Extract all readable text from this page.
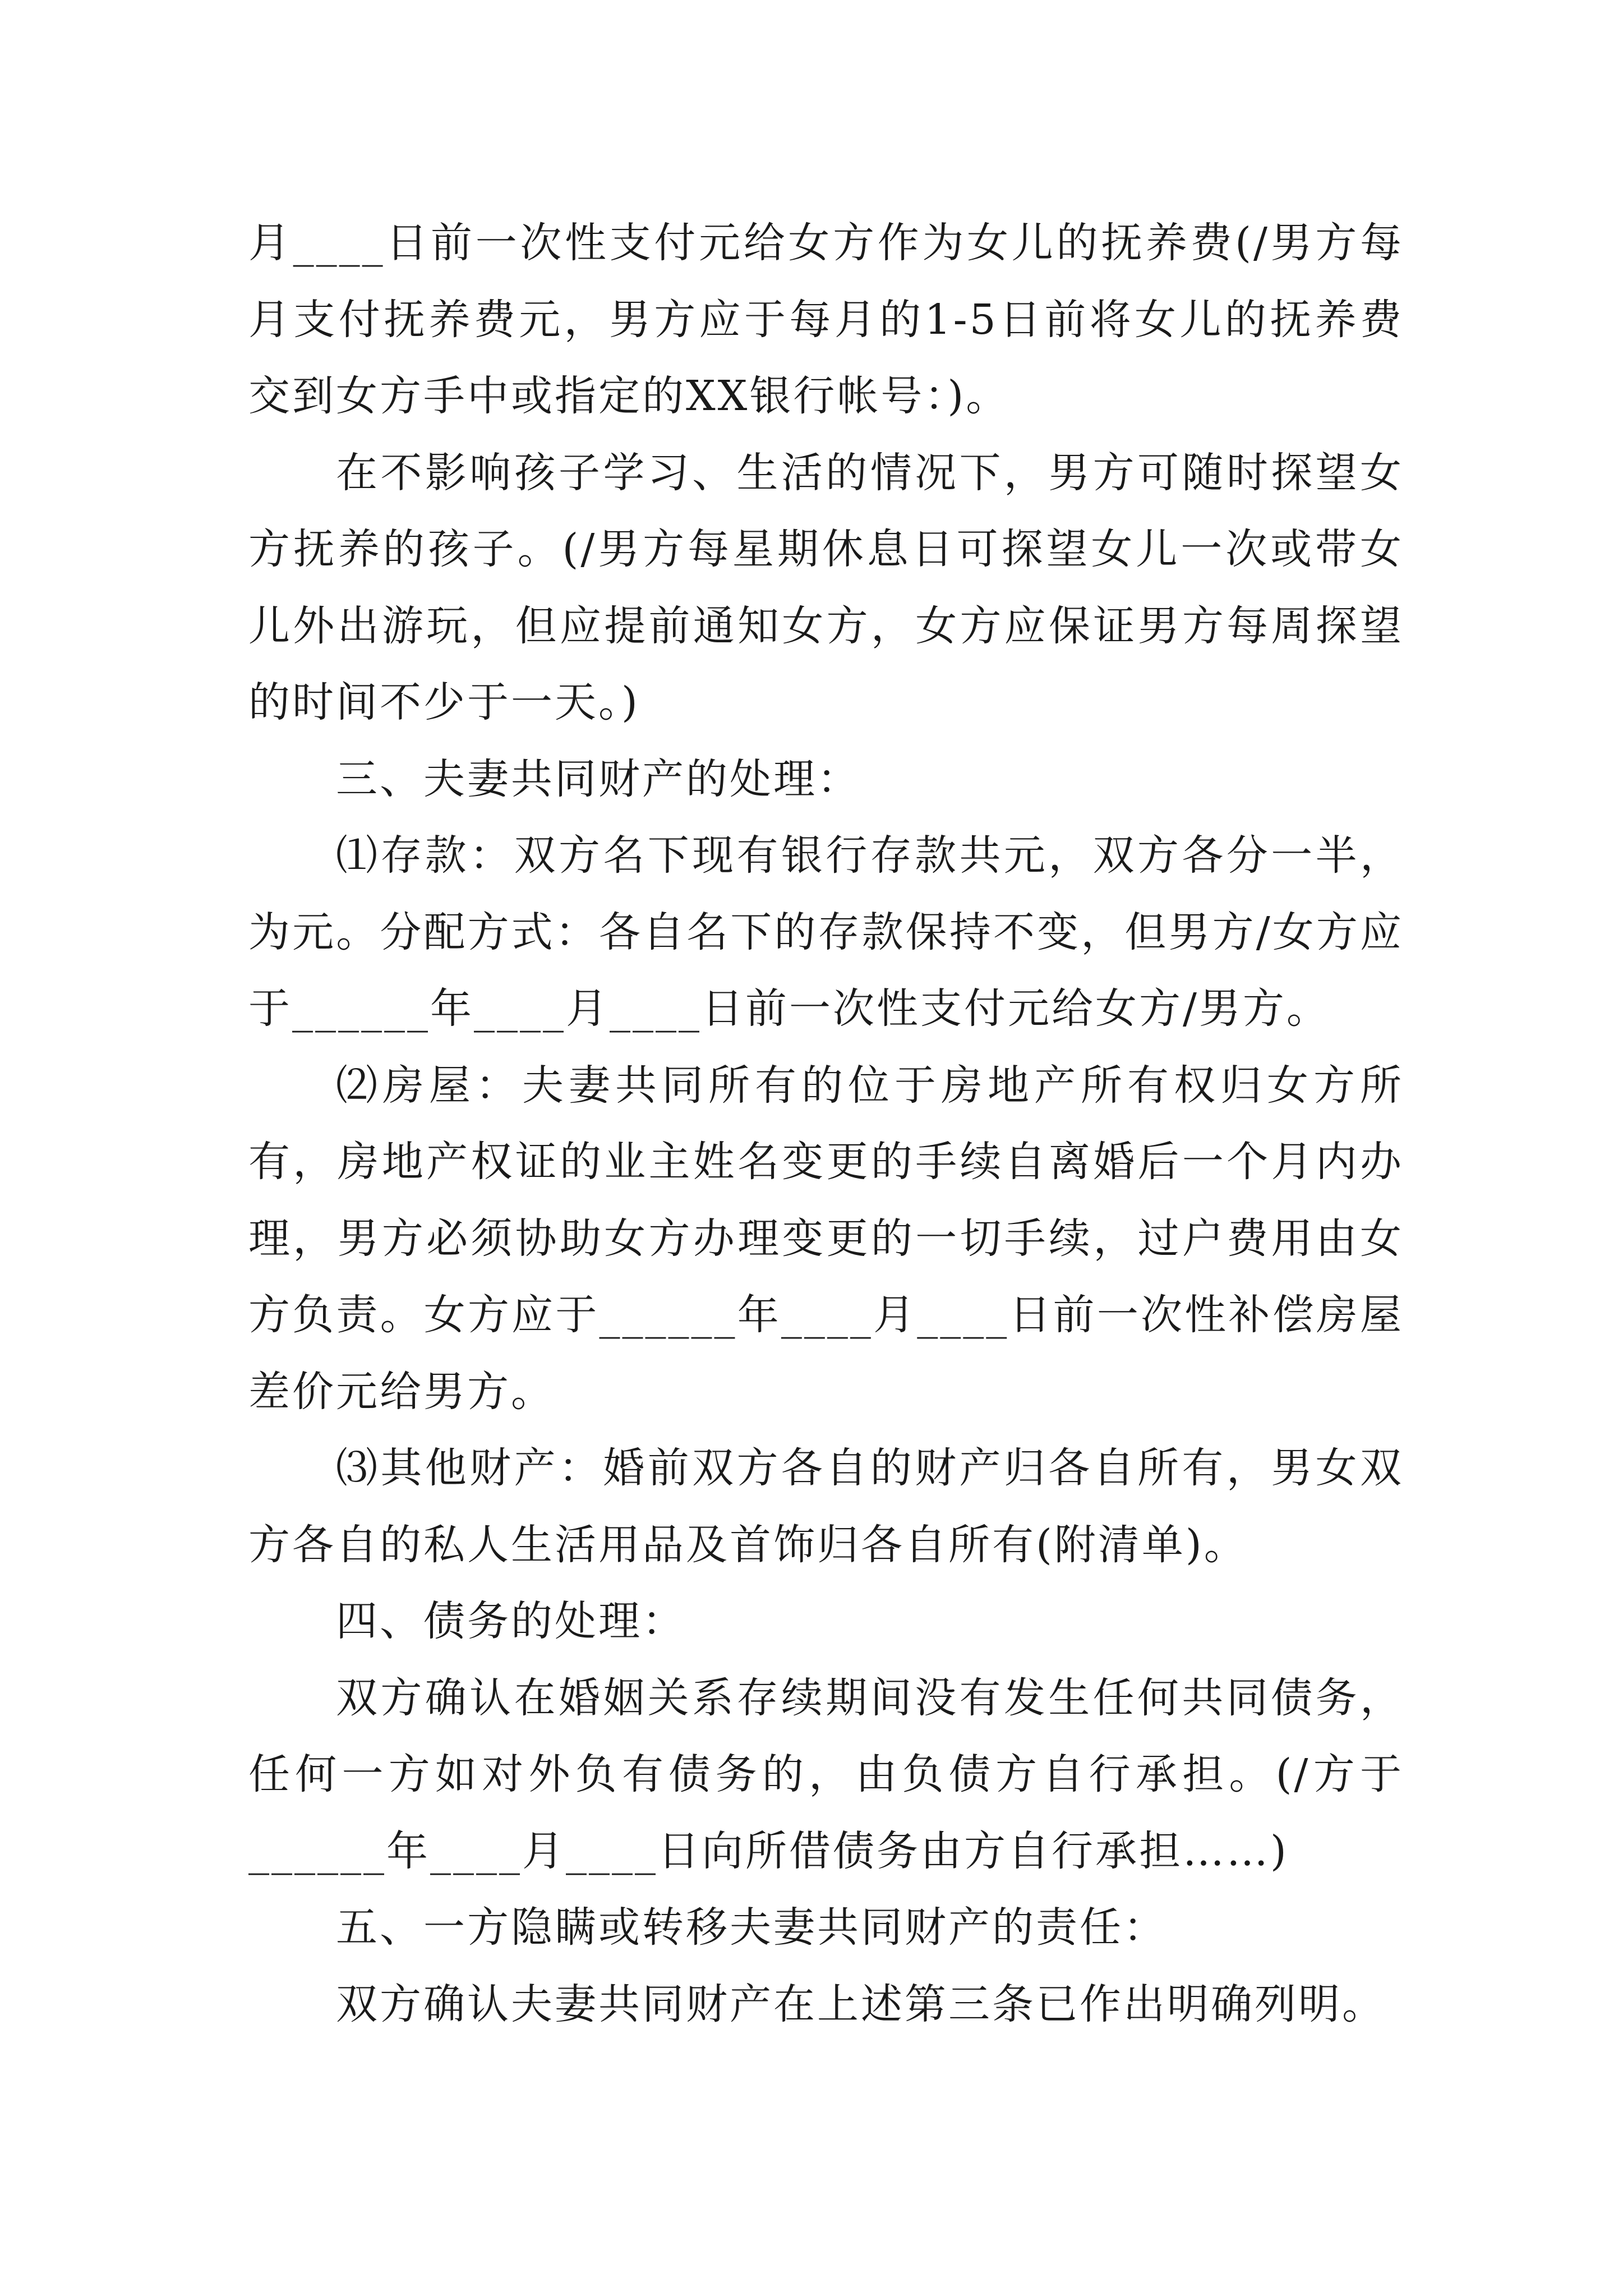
月____日前一次性支付元给女方作为女儿的抚养费(/男方每月支付抚养费元，男方应于每月的1-5日前将女儿的抚养费交到女方手中或指定的XX银行帐号：)。

在不影响孩子学习、生活的情况下，男方可随时探望女方抚养的孩子。(/男方每星期休息日可探望女儿一次或带女儿外出游玩，但应提前通知女方，女方应保证男方每周探望的时间不少于一天。)

三、夫妻共同财产的处理：

⑴存款：双方名下现有银行存款共元，双方各分一半，为元。分配方式：各自名下的存款保持不变，但男方/女方应于______年____月____日前一次性支付元给女方/男方。

⑵房屋：夫妻共同所有的位于房地产所有权归女方所有，房地产权证的业主姓名变更的手续自离婚后一个月内办理，男方必须协助女方办理变更的一切手续，过户费用由女方负责。女方应于______年____月____日前一次性补偿房屋差价元给男方。

⑶其他财产：婚前双方各自的财产归各自所有，男女双方各自的私人生活用品及首饰归各自所有(附清单)。

四、债务的处理：

双方确认在婚姻关系存续期间没有发生任何共同债务，任何一方如对外负有债务的，由负债方自行承担。(/方于______年____月____日向所借债务由方自行承担……)

五、一方隐瞒或转移夫妻共同财产的责任：

双方确认夫妻共同财产在上述第三条已作出明确列明。
